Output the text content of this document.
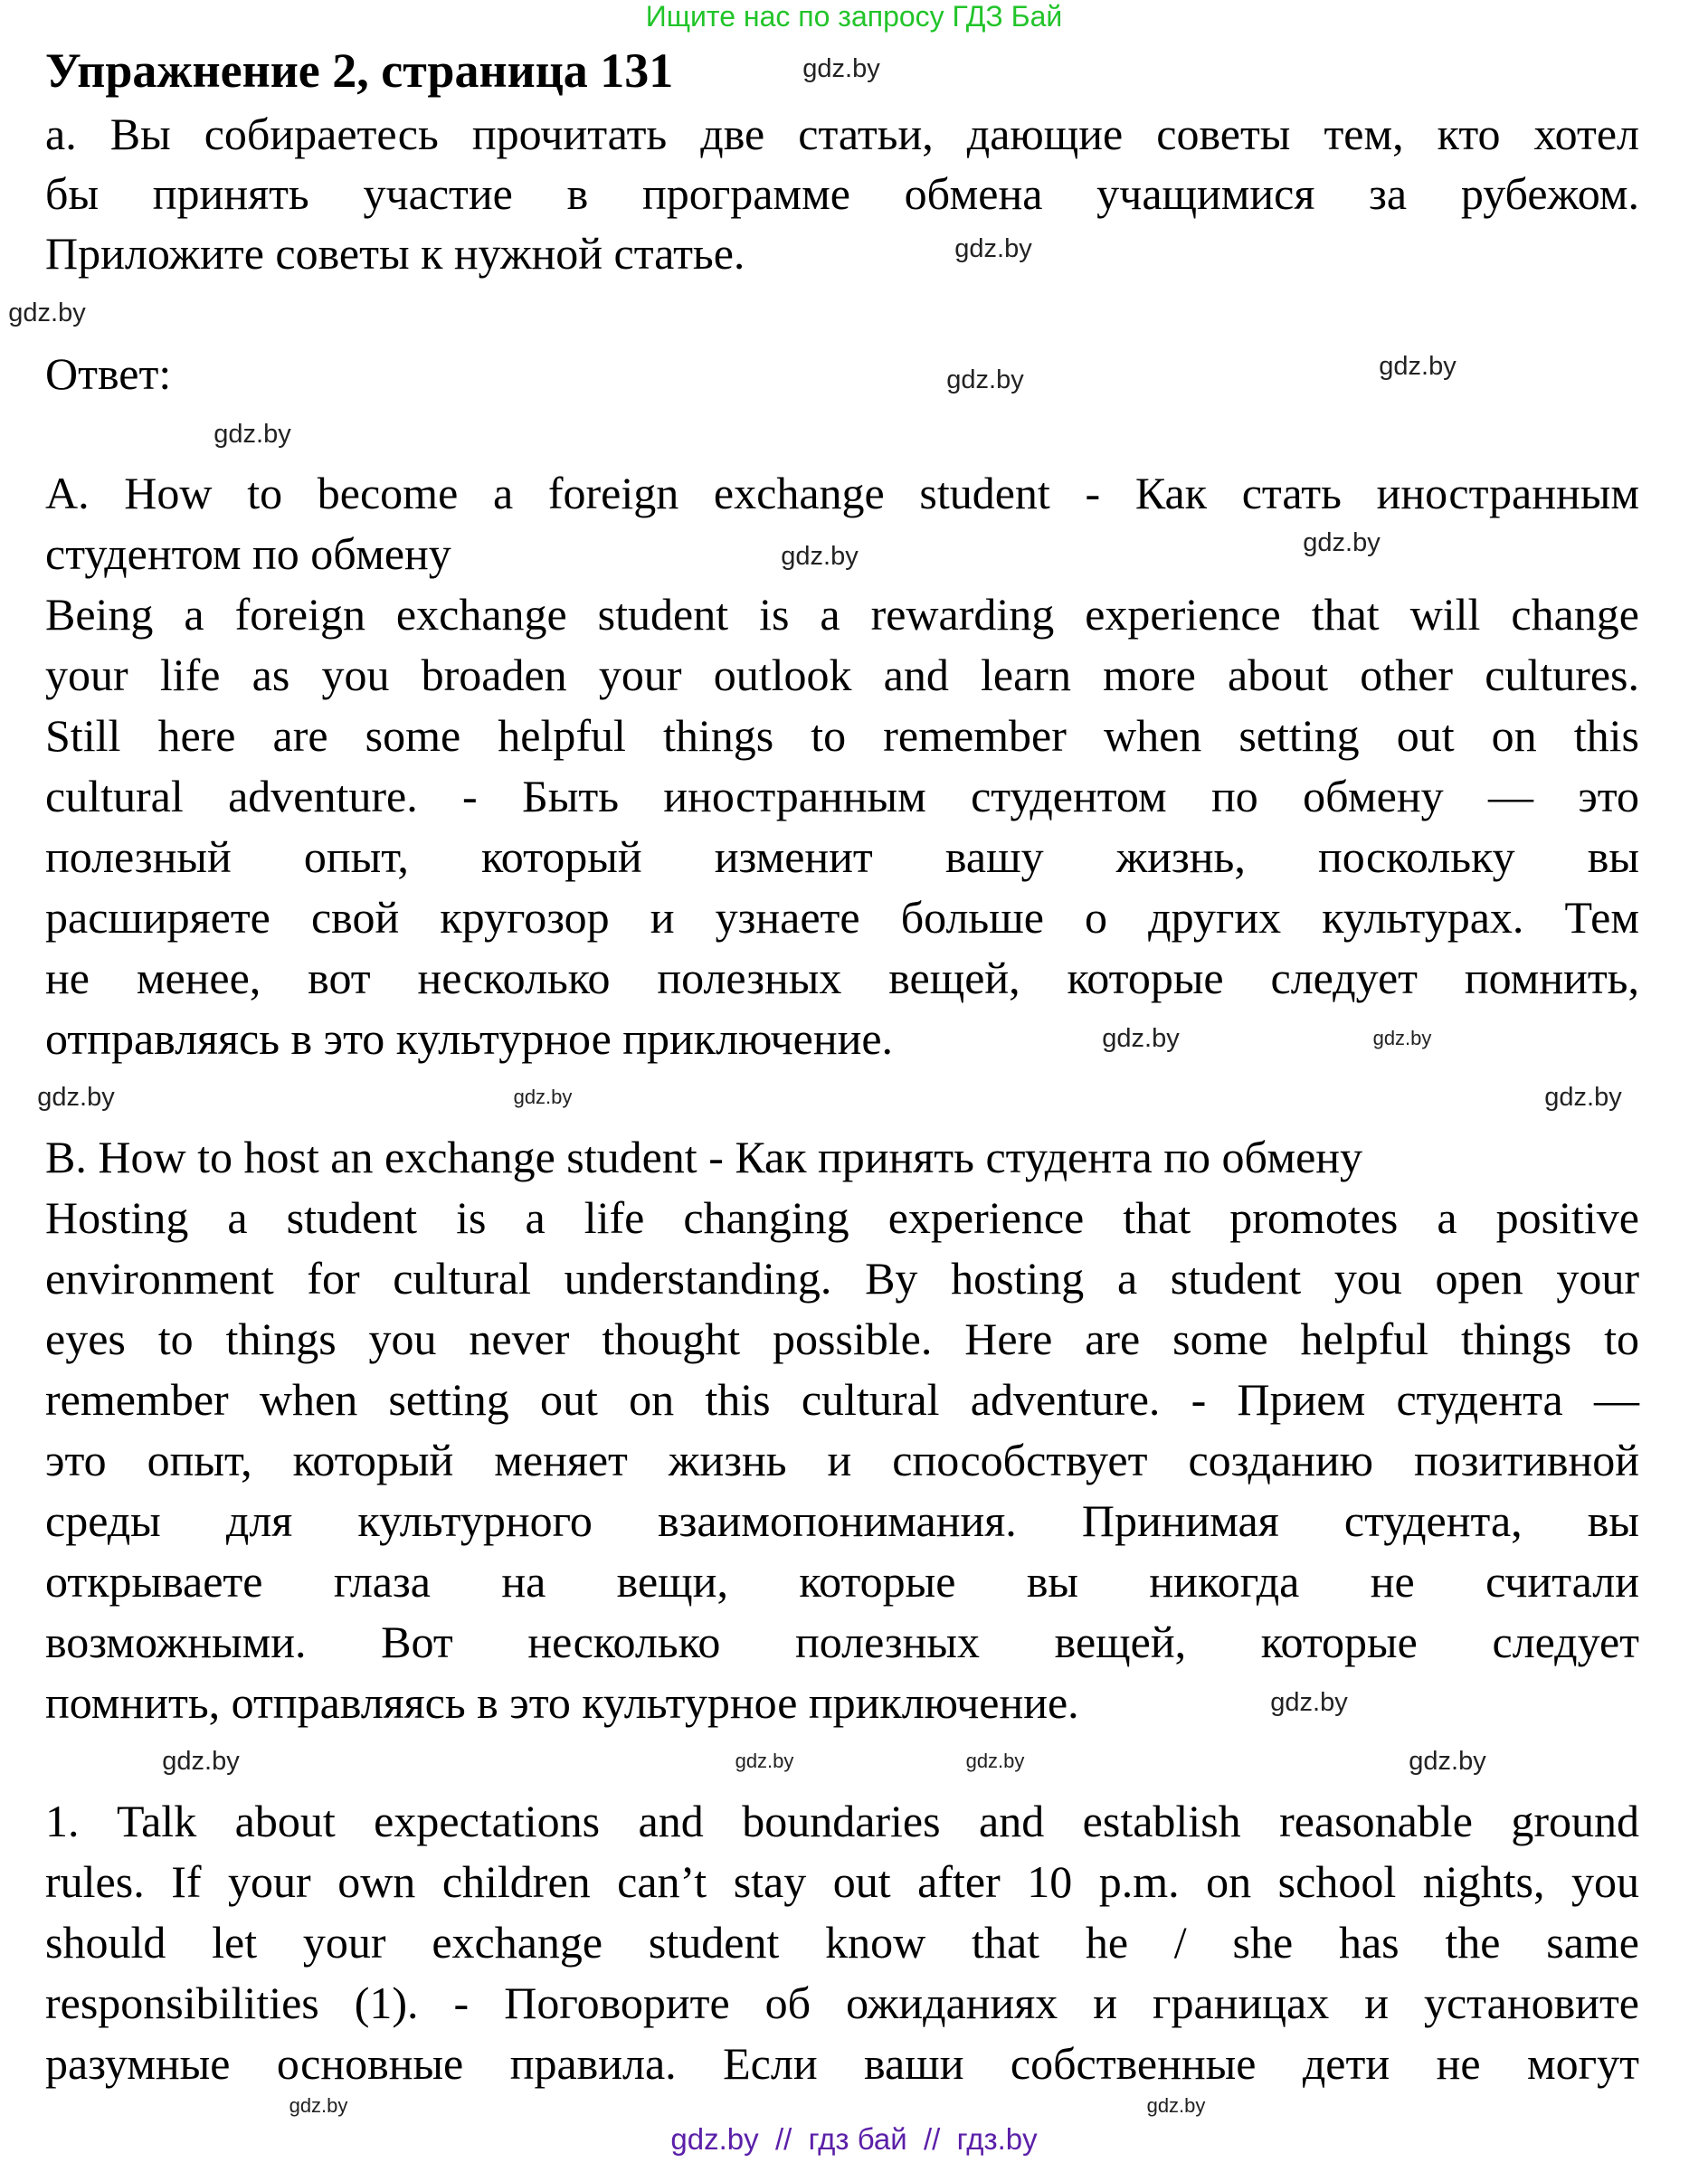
Ищите нас по запросу ГДЗ Бай
Упражнение 2, страница 131
а. Вы собираетесь прочитать две статьи, дающие советы тем, кто хотел
бы принять участие в программе обмена учащимися за рубежом.
Приложите советы к нужной статье.
Ответ:
A. How to become a foreign exchange student - Как стать иностранным
студентом по обмену
Being a foreign exchange student is a rewarding experience that will change
your life as you broaden your outlook and learn more about other cultures.
Still here are some helpful things to remember when setting out on this
cultural adventure. - Быть иностранным студентом по обмену — это
полезный опыт, который изменит вашу жизнь, поскольку вы
расширяете свой кругозор и узнаете больше о других культурах. Тем
не менее, вот несколько полезных вещей, которые следует помнить,
отправляясь в это культурное приключение.
B. How to host an exchange student - Как принять студента по обмену
Hosting a student is a life changing experience that promotes a positive
environment for cultural understanding. By hosting a student you open your
eyes to things you never thought possible. Here are some helpful things to
remember when setting out on this cultural adventure. - Прием студента —
это опыт, который меняет жизнь и способствует созданию позитивной
среды для культурного взаимопонимания. Принимая студента, вы
открываете глаза на вещи, которые вы никогда не считали
возможными. Вот несколько полезных вещей, которые следует
помнить, отправляясь в это культурное приключение.
1. Talk about expectations and boundaries and establish reasonable ground
rules. If your own children can’t stay out after 10 p.m. on school nights, you
should let your exchange student know that he / she has the same
responsibilities (1). - Поговорите об ожиданиях и границах и установите
разумные основные правила. Если ваши собственные дети не могут
gdz.by
gdz.by
gdz.by
gdz.by
gdz.by
gdz.by
gdz.by
gdz.by
gdz.by
gdz.by
gdz.by	gdz.by
gdz.by
gdz.by
gdz.by
gdz.by	gdz.by	gdz.by
gdz.by
gdz.by
gdz.by  //  гдз бай  //  гдз.by
